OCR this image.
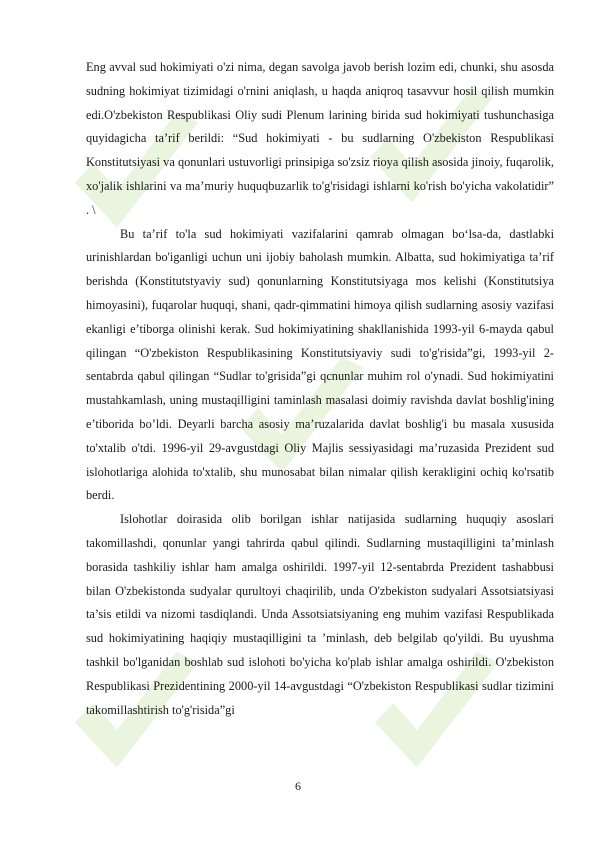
Eng avval sud hokimiyati o'zi nima, degan savolga javob berish lozim edi, chunki, shu asosda sudning hokimiyat tizimidagi o'rnini aniqlash, u haqda aniqroq tasavvur hosil qilish mumkin edi.O'zbekiston Respublikasi Oliy sudi Plenum larining birida sud hokimiyati tushunchasiga quyidagicha ta’rif berildi: “Sud hokimiyati - bu sudlarning O'zbekiston Respublikasi Konstitutsiyasi va qonunlari ustuvorligi prinsipiga so'zsiz rioya qilish asosida jinoiy, fuqarolik, xo'jalik ishlarini va ma’muriy huquqbuzarlik to'g'risidagi ishlarni ko'rish bo'yicha vakolatidir” . \

Bu ta’rif to'la sud hokimiyati vazifalarini qamrab olmagan bo‘lsa-da, dastlabki urinishlardan bo'iganligi uchun uni ijobiy baholash mumkin. Albatta, sud hokimiyatiga ta’rif berishda (Konstitutstyaviy sud) qonunlarning Konstitutsiyaga mos kelishi (Konstitutsiya himoyasini), fuqarolar huquqi, shani, qadr-qimmatini himoya qilish sudlarning asosiy vazifasi ekanligi e’tiborga olinishi kerak. Sud hokimiyatining shakllanishida 1993-yil 6-mayda qabul qilingan “O'zbekiston Respublikasining Konstitutsiyaviy sudi to'g'risida”gi, 1993-yil 2-sentabrda qabul qilingan “Sudlar to'grisida”gi qcnunlar muhim rol o'ynadi. Sud hokimiyatini mustahkamlash, uning mustaqilligini taminlash masalasi doimiy ravishda davlat boshlig'ining e’tiborida bo’ldi. Deyarli barcha asosiy ma’ruzalarida davlat boshlig'i bu masala xususida to'xtalib o'tdi. 1996-yil 29-avgustdagi Oliy Majlis sessiyasidagi ma’ruzasida Prezident sud islohotlariga alohida to'xtalib, shu munosabat bilan nimalar qilish kerakligini ochiq ko'rsatib berdi.

Islohotlar doirasida olib borilgan ishlar natijasida sudlarning huquqiy asoslari takomillashdi, qonunlar yangi tahrirda qabul qilindi. Sudlarning mustaqilligini ta’minlash borasida tashkiliy ishlar ham amalga oshirildi. 1997-yil 12-sentabrda Prezident tashabbusi bilan O'zbekistonda sudyalar qurultoyi chaqirilib, unda O'zbekiston sudyalari Assotsiatsiyasi ta’sis etildi va nizomi tasdiqlandi. Unda Assotsiatsiyaning eng muhim vazifasi Respublikada sud hokimiyatining haqiqiy mustaqilligini ta ’minlash, deb belgilab qo'yildi. Bu uyushma tashkil bo'lganidan boshlab sud islohoti bo'yicha ko'plab ishlar amalga oshirildi. O'zbekiston Respublikasi Prezidentining 2000-yil 14-avgustdagi “O'zbekiston Respublikasi sudlar tizimini takomillashtirish to'g'risida”gi

6
